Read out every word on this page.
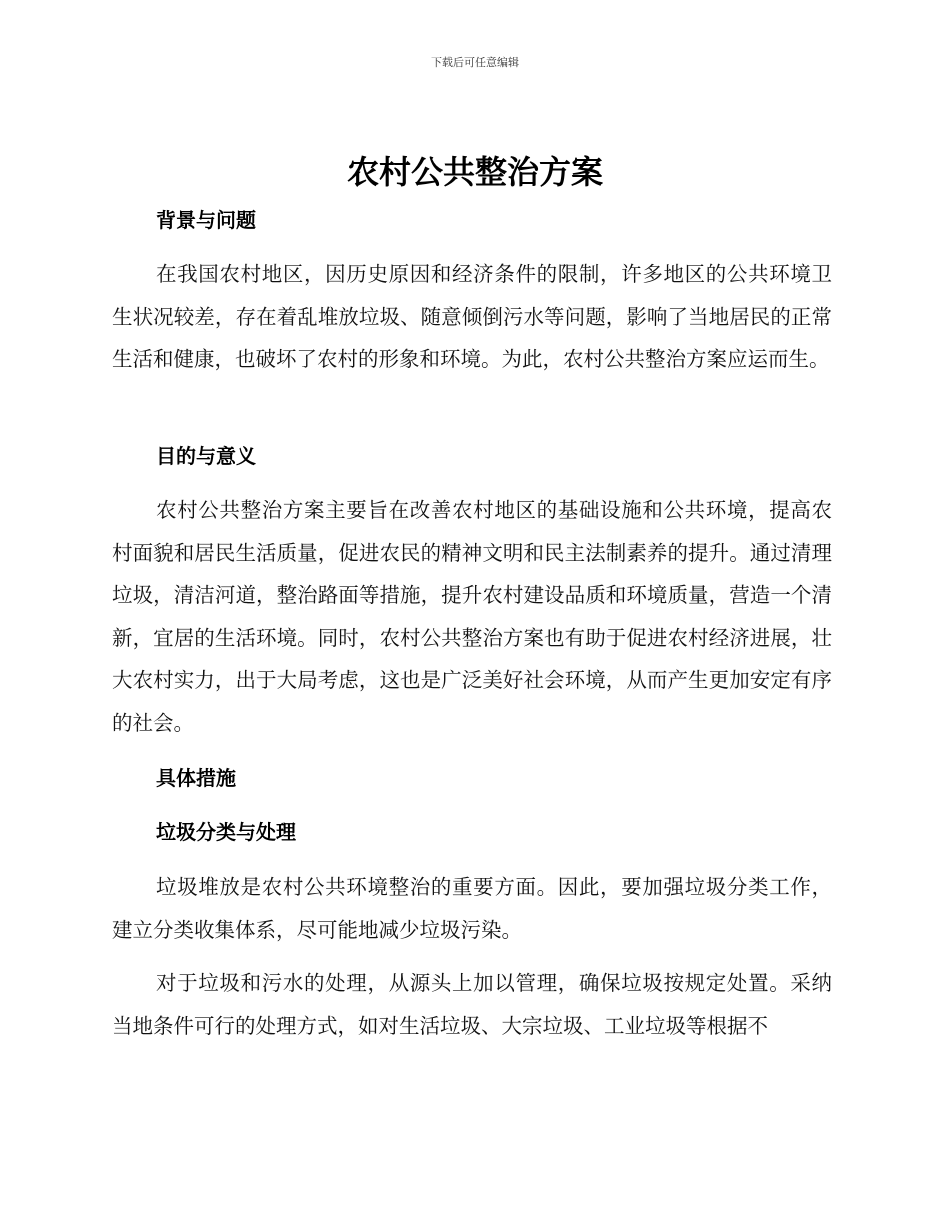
下载后可任意编辑
农村公共整治方案
背景与问题

在我国农村地区，因历史原因和经济条件的限制，许多地区的公共环境卫生状况较差，存在着乱堆放垃圾、随意倾倒污水等问题，影响了当地居民的正常生活和健康，也破坏了农村的形象和环境。为此，农村公共整治方案应运而生。

目的与意义

农村公共整治方案主要旨在改善农村地区的基础设施和公共环境，提高农村面貌和居民生活质量，促进农民的精神文明和民主法制素养的提升。通过清理垃圾，清洁河道，整治路面等措施，提升农村建设品质和环境质量，营造一个清新，宜居的生活环境。同时，农村公共整治方案也有助于促进农村经济进展，壮大农村实力，出于大局考虑，这也是广泛美好社会环境，从而产生更加安定有序的社会。

具体措施
垃圾分类与处理

垃圾堆放是农村公共环境整治的重要方面。因此，要加强垃圾分类工作，建立分类收集体系，尽可能地减少垃圾污染。

对于垃圾和污水的处理，从源头上加以管理，确保垃圾按规定处置。采纳当地条件可行的处理方式，如对生活垃圾、大宗垃圾、工业垃圾等根据不
